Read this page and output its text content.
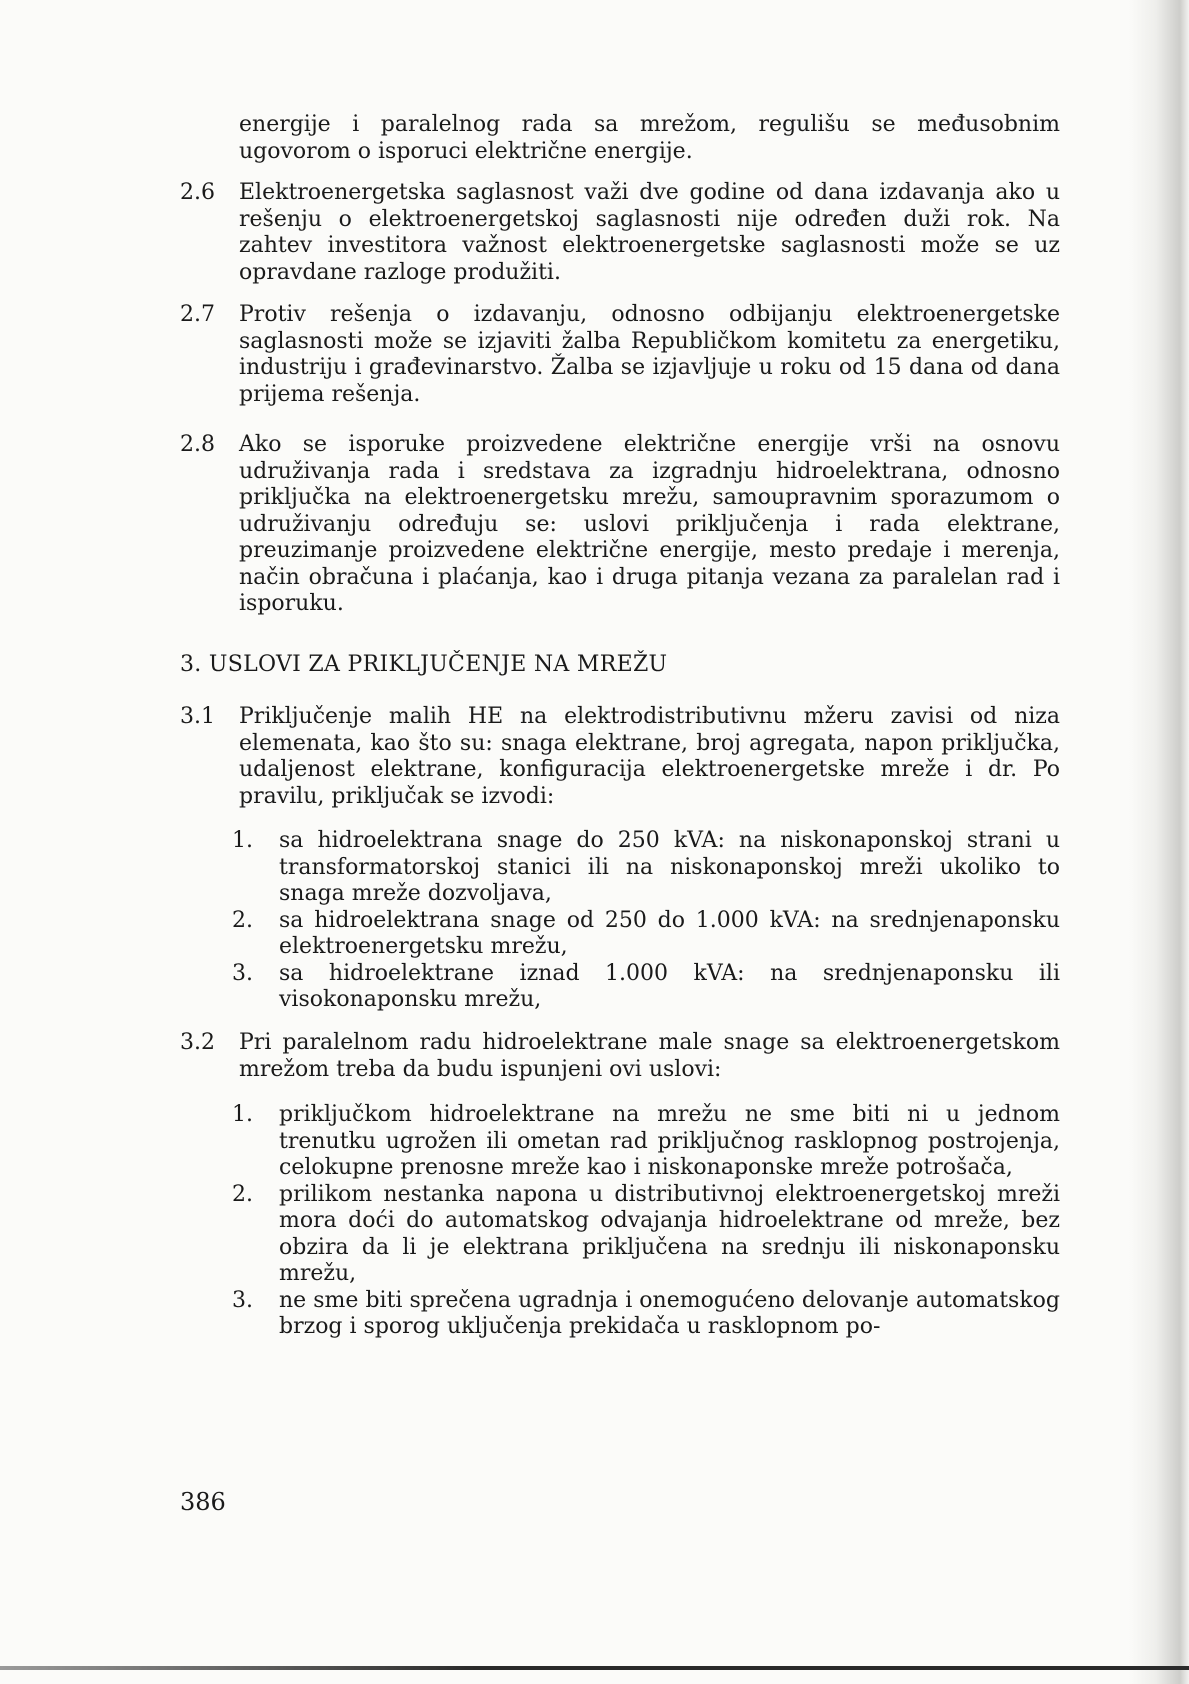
energije i paralelnog rada sa mrežom, regulišu se međusobnim ugovorom o isporuci električne energije.

2.6 Elektroenergetska saglasnost važi dve godine od dana izdavanja ako u rešenju o elektroenergetskoj saglasnosti nije određen duži rok. Na zahtev investitora važnost elektroenergetske saglasnosti može se uz opravdane razloge produžiti.

2.7 Protiv rešenja o izdavanju, odnosno odbijanju elektroenergetske saglasnosti može se izjaviti žalba Republičkom komitetu za energetiku, industriju i građevinarstvo. Žalba se izjavljuje u roku od 15 dana od dana prijema rešenja.

2.8 Ako se isporuke proizvedene električne energije vrši na osnovu udruživanja rada i sredstava za izgradnju hidroelektrana, odnosno priključka na elektroenergetsku mrežu, samoupravnim sporazumom o udruživanju određuju se: uslovi priključenja i rada elektrane, preuzimanje proizvedene električne energije, mesto predaje i merenja, način obračuna i plaćanja, kao i druga pitanja vezana za paralelan rad i isporuku.

3. USLOVI ZA PRIKLJUČENJE NA MREŽU

3.1 Priključenje malih HE na elektrodistributivnu mžeru zavisi od niza elemenata, kao što su: snaga elektrane, broj agregata, napon priključka, udaljenost elektrane, konfiguracija elektroenergetske mreže i dr. Po pravilu, priključak se izvodi:

1. sa hidroelektrana snage do 250 kVA: na niskonaponskoj strani u transformatorskoj stanici ili na niskonaponskoj mreži ukoliko to snaga mreže dozvoljava,

2. sa hidroelektrana snage od 250 do 1.000 kVA: na srednjenaponsku elektroenergetsku mrežu,

3. sa hidroelektrane iznad 1.000 kVA: na srednjenaponsku ili visokonaponsku mrežu,

3.2 Pri paralelnom radu hidroelektrane male snage sa elektroenergetskom mrežom treba da budu ispunjeni ovi uslovi:

1. priključkom hidroelektrane na mrežu ne sme biti ni u jednom trenutku ugrožen ili ometan rad priključnog rasklopnog postrojenja, celokupne prenosne mreže kao i niskonaponske mreže potrošača,

2. prilikom nestanka napona u distributivnoj elektroenergetskoj mreži mora doći do automatskog odvajanja hidroelektrane od mreže, bez obzira da li je elektrana priključena na srednju ili niskonaponsku mrežu,

3. ne sme biti sprečena ugradnja i onemogućeno delovanje automatskog brzog i sporog uključenja prekidača u rasklopnom po-

386
